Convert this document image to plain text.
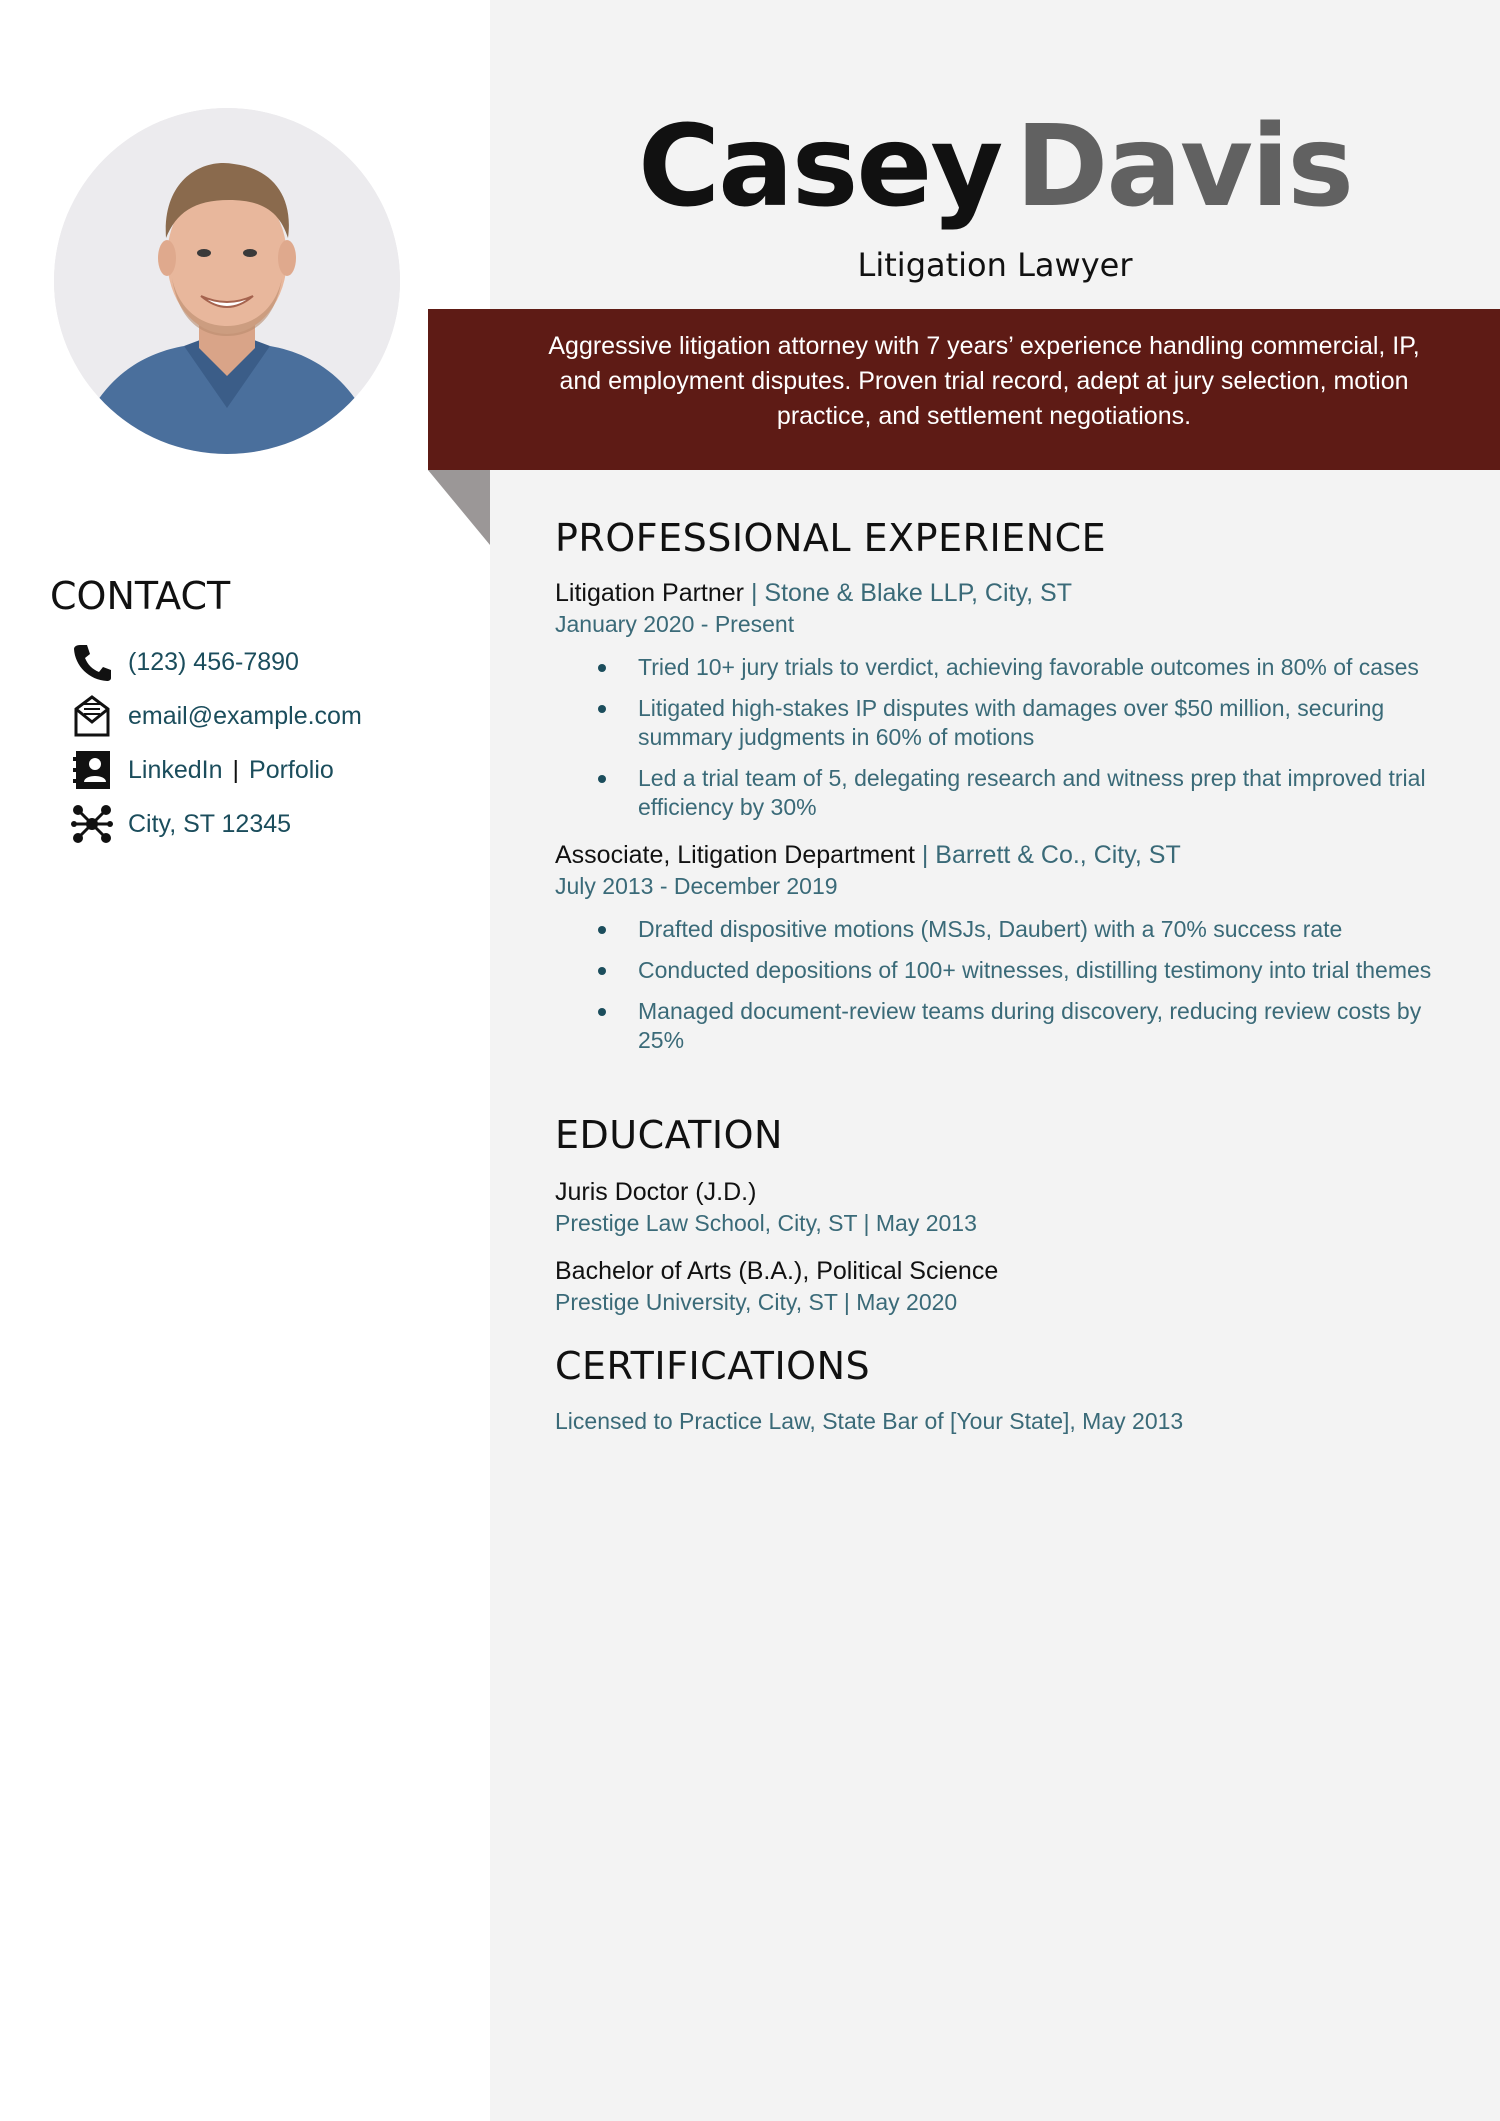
Casey Davis
Litigation Lawyer
Aggressive litigation attorney with 7 years’ experience handling commercial, IP, and employment disputes. Proven trial record, adept at jury selection, motion practice, and settlement negotiations.
CONTACT
(123) 456-7890
email@example.com
LinkedIn | Porfolio
City, ST 12345
PROFESSIONAL EXPERIENCE
Litigation Partner | Stone & Blake LLP, City, ST
January 2020 - Present
Tried 10+ jury trials to verdict, achieving favorable outcomes in 80% of cases
Litigated high-stakes IP disputes with damages over $50 million, securing summary judgments in 60% of motions
Led a trial team of 5, delegating research and witness prep that improved trial efficiency by 30%
Associate, Litigation Department | Barrett & Co., City, ST
July 2013 - December 2019
Drafted dispositive motions (MSJs, Daubert) with a 70% success rate
Conducted depositions of 100+ witnesses, distilling testimony into trial themes
Managed document-review teams during discovery, reducing review costs by 25%
EDUCATION
Juris Doctor (J.D.)
Prestige Law School, City, ST | May 2013
Bachelor of Arts (B.A.), Political Science
Prestige University, City, ST | May 2020
CERTIFICATIONS
Licensed to Practice Law, State Bar of [Your State], May 2013
